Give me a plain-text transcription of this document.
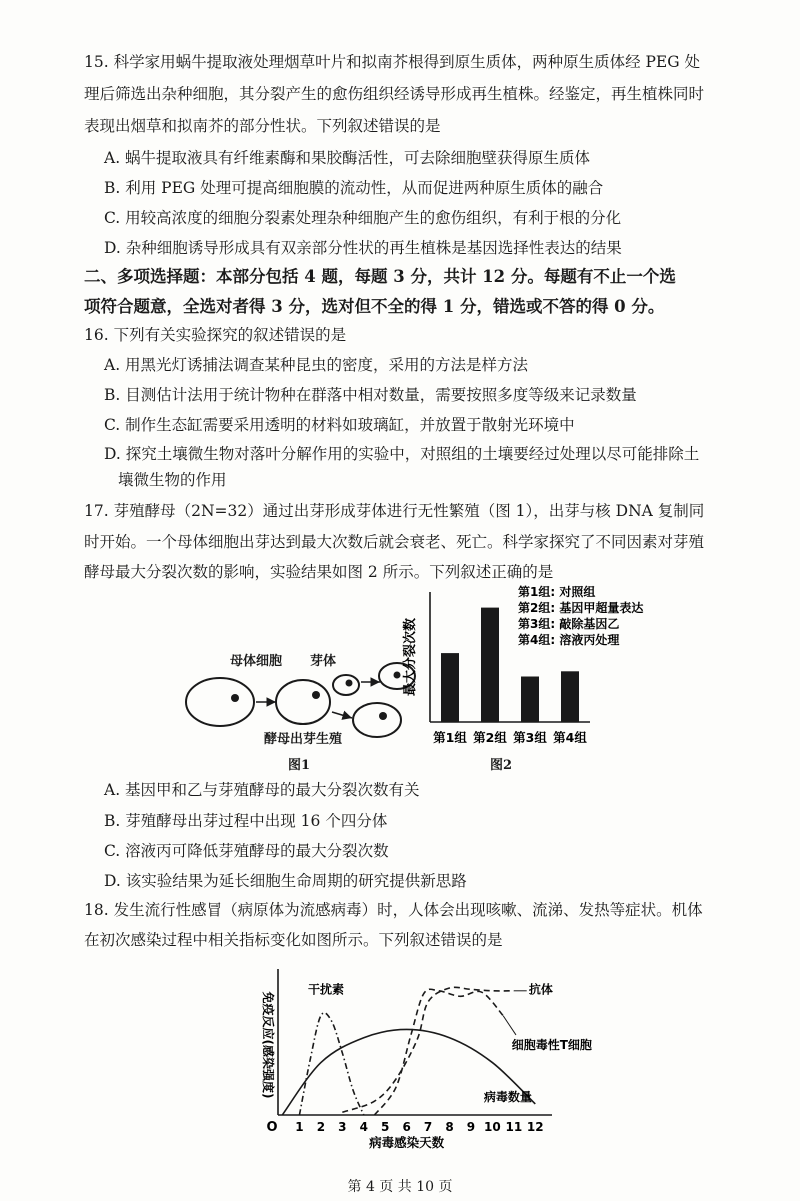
15. 科学家用蜗牛提取液处理烟草叶片和拟南芥根得到原生质体，两种原生质体经 PEG 处
理后筛选出杂种细胞，其分裂产生的愈伤组织经诱导形成再生植株。经鉴定，再生植株同时
表现出烟草和拟南芥的部分性状。下列叙述错误的是
A. 蜗牛提取液具有纤维素酶和果胶酶活性，可去除细胞壁获得原生质体
B. 利用 PEG 处理可提高细胞膜的流动性，从而促进两种原生质体的融合
C. 用较高浓度的细胞分裂素处理杂种细胞产生的愈伤组织，有利于根的分化
D. 杂种细胞诱导形成具有双亲部分性状的再生植株是基因选择性表达的结果
二、多项选择题：本部分包括 4 题，每题 3 分，共计 12 分。每题有不止一个选
项符合题意，全选对者得 3 分，选对但不全的得 1 分，错选或不答的得 0 分。
16. 下列有关实验探究的叙述错误的是
A. 用黑光灯诱捕法调查某种昆虫的密度，采用的方法是样方法
B. 目测估计法用于统计物种在群落中相对数量，需要按照多度等级来记录数量
C. 制作生态缸需要采用透明的材料如玻璃缸，并放置于散射光环境中
D. 探究土壤微生物对落叶分解作用的实验中，对照组的土壤要经过处理以尽可能排除土
壤微生物的作用
17. 芽殖酵母（2N=32）通过出芽形成芽体进行无性繁殖（图 1），出芽与核 DNA 复制同
时开始。一个母体细胞出芽达到最大次数后就会衰老、死亡。科学家探究了不同因素对芽殖
酵母最大分裂次数的影响，实验结果如图 2 所示。下列叙述正确的是
母体细胞 芽体
酵母出芽生殖
图1
最大分裂次数
第1组 第2组 第3组 第4组
第1组: 对照组
第2组: 基因甲超量表达
第3组: 敲除基因乙
第4组: 溶液丙处理
图2
A. 基因甲和乙与芽殖酵母的最大分裂次数有关
B. 芽殖酵母出芽过程中出现 16 个四分体
C. 溶液丙可降低芽殖酵母的最大分裂次数
D. 该实验结果为延长细胞生命周期的研究提供新思路
18. 发生流行性感冒（病原体为流感病毒）时，人体会出现咳嗽、流涕、发热等症状。机体
在初次感染过程中相关指标变化如图所示。下列叙述错误的是
免疫反应(感染强度)
O 1 2 3 4 5 6 7 8 9 10 11 12
病毒感染天数
干扰素
病毒数量
抗体
细胞毒性T细胞
第 4 页 共 10 页
